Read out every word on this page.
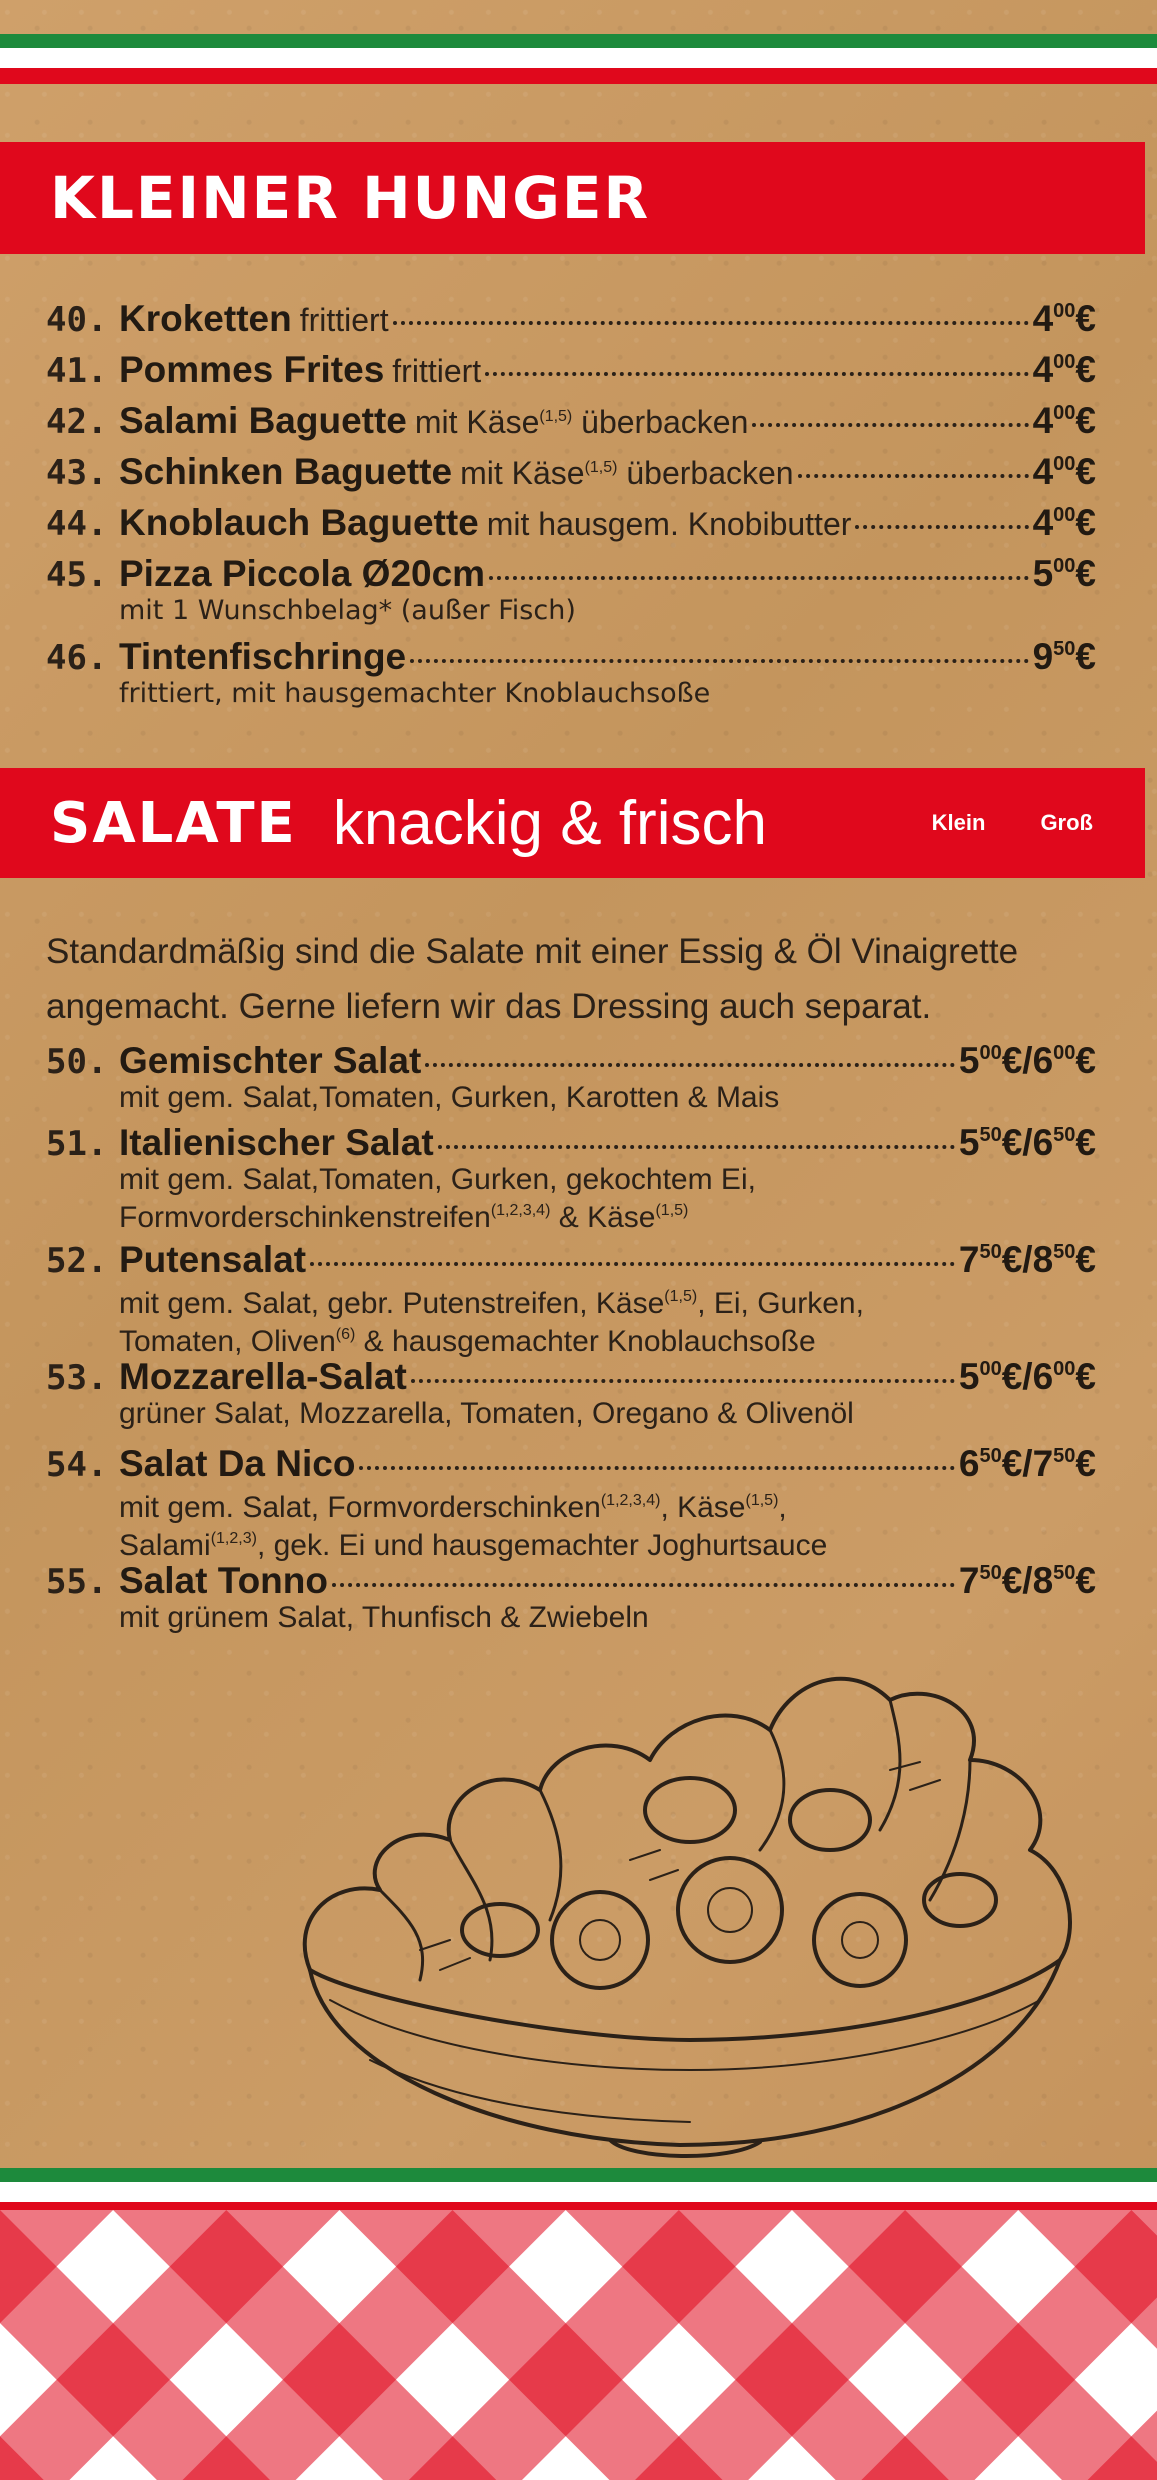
KLEINER HUNGER
40. Kroketten frittiert	$4^{00}€$
41. Pommes Frites frittiert	$4^{00}€$
42. Salami Baguette mit Käse$^{(1,5)}$ überbacken	$4^{00}€$
43. Schinken Baguette mit Käse$^{(1,5)}$ überbacken	$4^{00}€$
44. Knoblauch Baguette mit hausgem. Knobibutter	$4^{00}€$
45. Pizza Piccola Ø20cm	$5^{00}€$
mit 1 Wunschbelag* (außer Fisch)
46. Tintenfischringe	$9^{50}€$
frittiert, mit hausgemachter Knoblauchsoße
SALATE knackig & frisch	Klein	Groß
Standardmäßig sind die Salate mit einer Essig & Öl Vinaigrette
angemacht. Gerne liefern wir das Dressing auch separat.
50. Gemischter Salat	$5^{00}€/6^{00}€$
mit gem. Salat,Tomaten, Gurken, Karotten & Mais
51. Italienischer Salat	$5^{50}€/6^{50}€$
mit gem. Salat,Tomaten, Gurken, gekochtem Ei,
Formvorderschinkenstreifen$^{(1,2,3,4)}$ & Käse$^{(1,5)}$
52. Putensalat	$7^{50}€/8^{50}€$
mit gem. Salat, gebr. Putenstreifen, Käse$^{(1,5)}$, Ei, Gurken,
Tomaten, Oliven$^{(6)}$ & hausgemachter Knoblauchsoße
53. Mozzarella-Salat	$5^{00}€/6^{00}€$
grüner Salat, Mozzarella, Tomaten, Oregano & Olivenöl
54. Salat Da Nico	$6^{50}€/7^{50}€$
mit gem. Salat, Formvorderschinken$^{(1,2,3,4)}$, Käse$^{(1,5)}$,
Salami$^{(1,2,3)}$, gek. Ei und hausgemachter Joghurtsauce
55. Salat Tonno	$7^{50}€/8^{50}€$
mit grünem Salat, Thunfisch & Zwiebeln
